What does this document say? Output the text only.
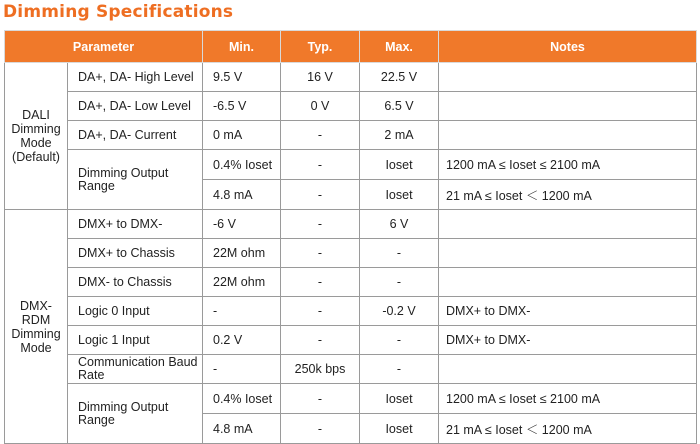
Dimming Specifications
Parameter		Min.	Typ.	Max.	Notes
DALI Dimming Mode (Default)	DA+, DA- High Level	9.5 V	16 V	22.5 V	
	DA+, DA- Low Level	-6.5 V	0 V	6.5 V	
	DA+, DA- Current	0 mA	-	2 mA	
	Dimming Output Range	0.4% Ioset	-	Ioset	1200 mA ≤ Ioset ≤ 2100 mA
		4.8 mA	-	Ioset	21 mA ≤ Ioset ＜ 1200 mA
DMX-RDM Dimming Mode	DMX+ to DMX-	-6 V	-	6 V	
	DMX+ to Chassis	22M ohm	-	-	
	DMX- to Chassis	22M ohm	-	-	
	Logic 0 Input	-	-	-0.2 V	DMX+ to DMX-
	Logic 1 Input	0.2 V	-	-	DMX+ to DMX-
	Communication Baud Rate	-	250k bps	-	
	Dimming Output Range	0.4% Ioset	-	Ioset	1200 mA ≤ Ioset ≤ 2100 mA
		4.8 mA	-	Ioset	21 mA ≤ Ioset ＜ 1200 mA
